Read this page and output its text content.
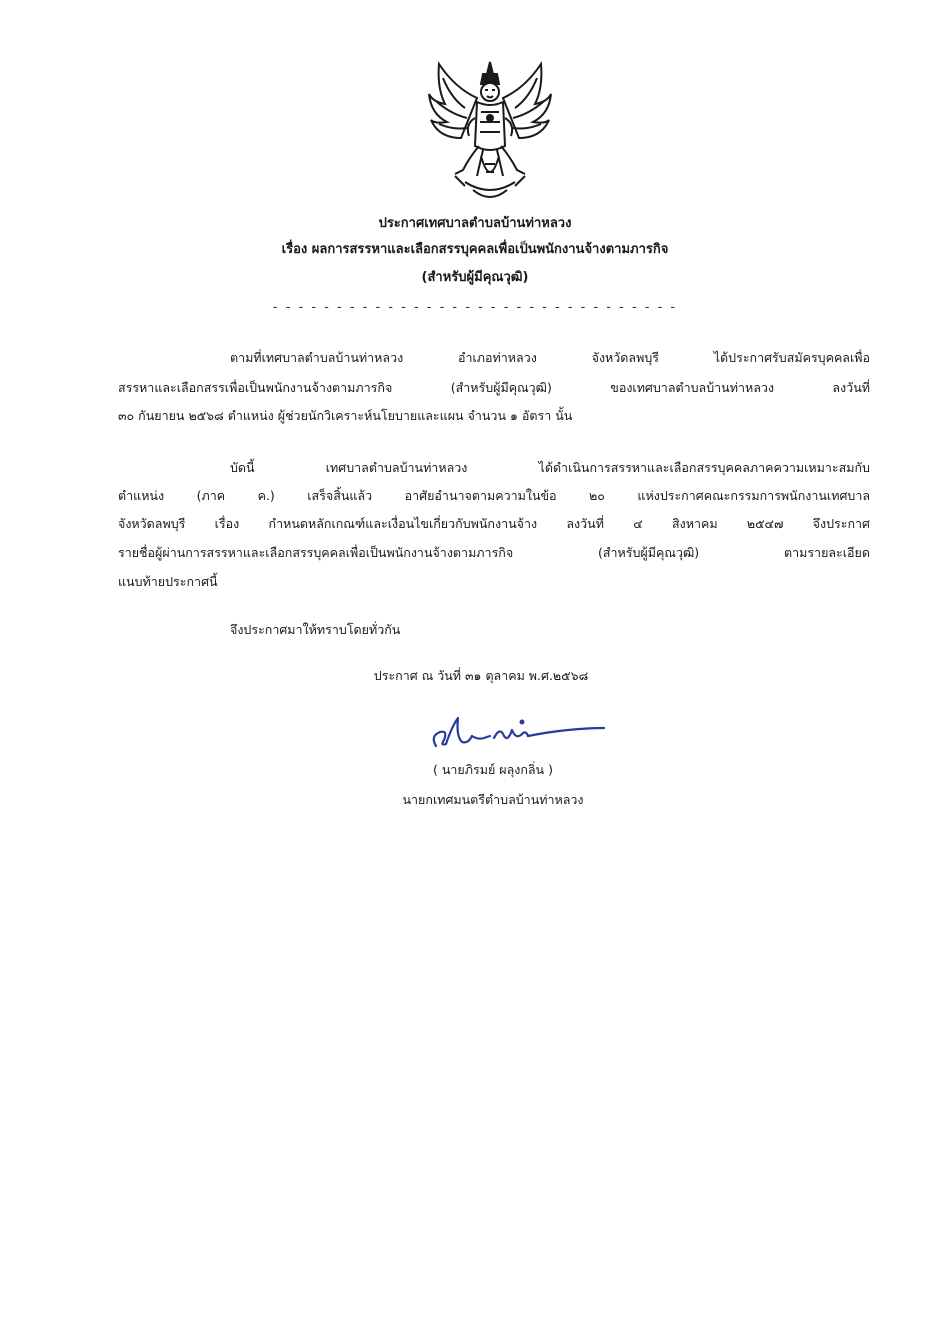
ประกาศเทศบาลตำบลบ้านท่าหลวง
เรื่อง ผลการสรรหาและเลือกสรรบุคคลเพื่อเป็นพนักงานจ้างตามภารกิจ
(สำหรับผู้มีคุณวุฒิ)
- - - - - - - - - - - - - - - - - - - - - - - - - - - - - - - -
ตามที่เทศบาลตำบลบ้านท่าหลวง อำเภอท่าหลวง จังหวัดลพบุรี ได้ประกาศรับสมัครบุคคลเพื่อ
สรรหาและเลือกสรรเพื่อเป็นพนักงานจ้างตามภารกิจ (สำหรับผู้มีคุณวุฒิ) ของเทศบาลตำบลบ้านท่าหลวง ลงวันที่
๓๐ กันยายน ๒๕๖๘ ตำแหน่ง ผู้ช่วยนักวิเคราะห์นโยบายและแผน จำนวน ๑ อัตรา นั้น
บัดนี้ เทศบาลตำบลบ้านท่าหลวง ได้ดำเนินการสรรหาและเลือกสรรบุคคลภาคความเหมาะสมกับ
ตำแหน่ง (ภาค ค.) เสร็จสิ้นแล้ว อาศัยอำนาจตามความในข้อ ๒๐ แห่งประกาศคณะกรรมการพนักงานเทศบาล
จังหวัดลพบุรี เรื่อง กำหนดหลักเกณฑ์และเงื่อนไขเกี่ยวกับพนักงานจ้าง ลงวันที่ ๔ สิงหาคม ๒๕๔๗ จึงประกาศ
รายชื่อผู้ผ่านการสรรหาและเลือกสรรบุคคลเพื่อเป็นพนักงานจ้างตามภารกิจ (สำหรับผู้มีคุณวุฒิ) ตามรายละเอียด
แนบท้ายประกาศนี้
จึงประกาศมาให้ทราบโดยทั่วกัน
ประกาศ ณ วันที่ ๓๑ ตุลาคม พ.ศ.๒๕๖๘
( นายภิรมย์ ผลุงกลิ่น )
นายกเทศมนตรีตำบลบ้านท่าหลวง
